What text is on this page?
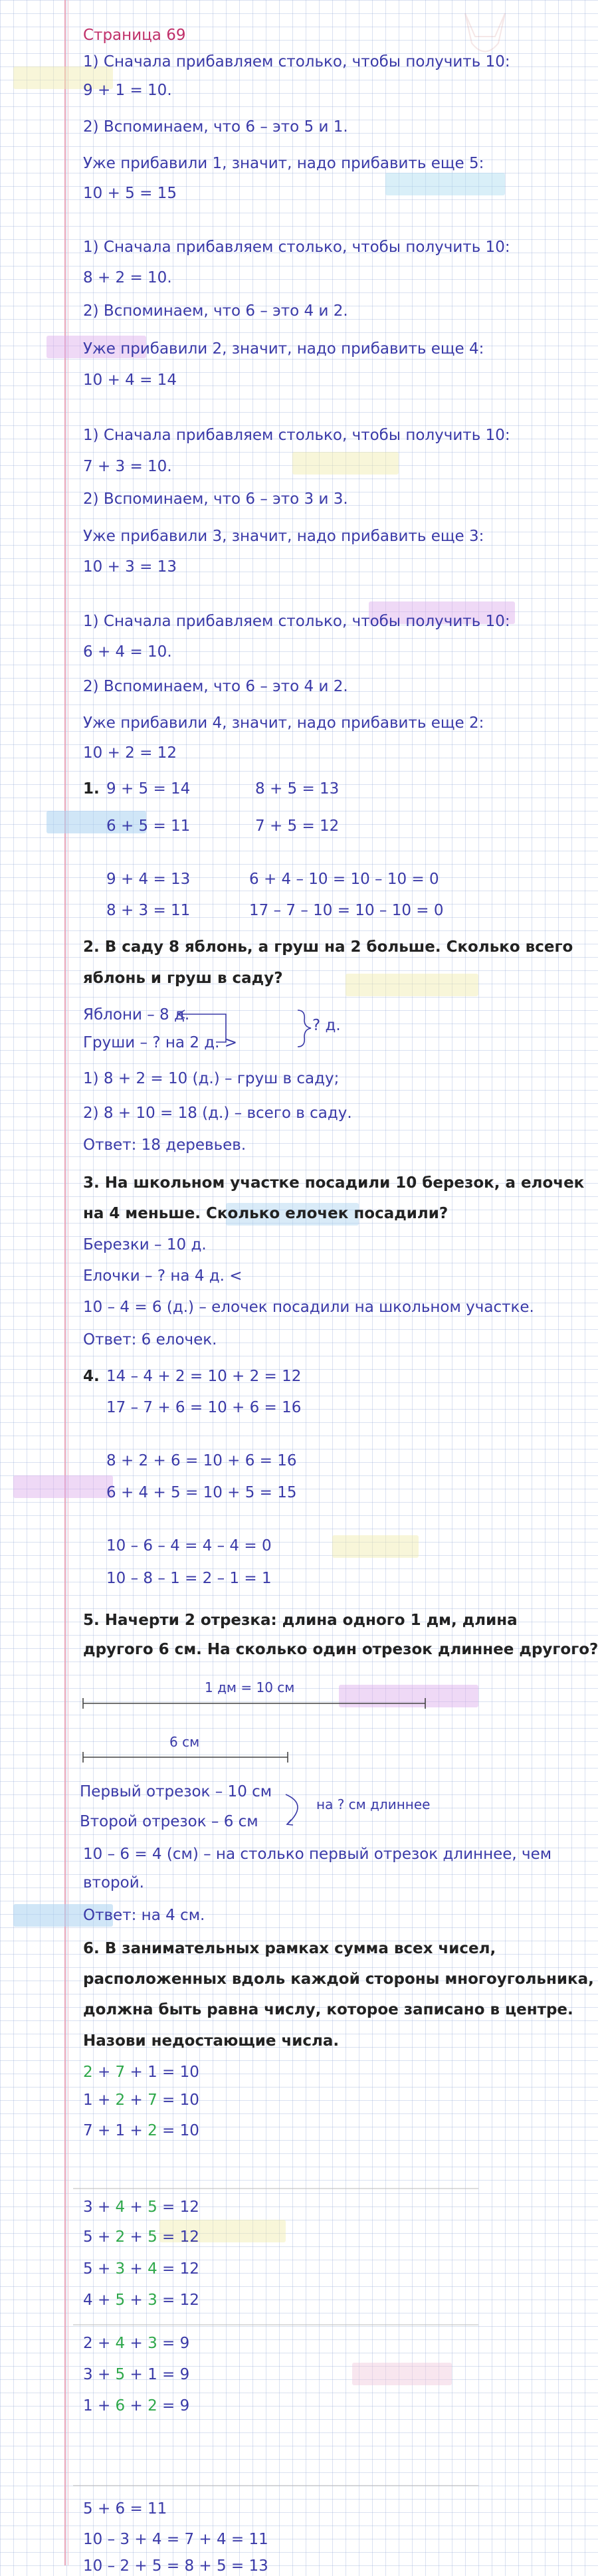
Страница 69
1) Сначала прибавляем столько, чтобы получить 10:
9 + 1 = 10.
2) Вспоминаем, что 6 – это 5 и 1.
Уже прибавили 1, значит, надо прибавить еще 5:
10 + 5 = 15
1) Сначала прибавляем столько, чтобы получить 10:
8 + 2 = 10.
2) Вспоминаем, что 6 – это 4 и 2.
Уже прибавили 2, значит, надо прибавить еще 4:
10 + 4 = 14
1) Сначала прибавляем столько, чтобы получить 10:
7 + 3 = 10.
2) Вспоминаем, что 6 – это 3 и 3.
Уже прибавили 3, значит, надо прибавить еще 3:
10 + 3 = 13
1) Сначала прибавляем столько, чтобы получить 10:
6 + 4 = 10.
2) Вспоминаем, что 6 – это 4 и 2.
Уже прибавили 4, значит, надо прибавить еще 2:
10 + 2 = 12
1. 9 + 5 = 14	8 + 5 = 13
6 + 5 = 11	7 + 5 = 12
9 + 4 = 13	6 + 4 – 10 = 10 – 10 = 0
8 + 3 = 11	17 – 7 – 10 = 10 – 10 = 0
2. В саду 8 яблонь, а груш на 2 больше. Сколько всего
яблонь и груш в саду?
Яблони – 8 д.
Груши – ? на 2 д. >
? д.
1) 8 + 2 = 10 (д.) – груш в саду;
2) 8 + 10 = 18 (д.) – всего в саду.
Ответ: 18 деревьев.
3. На школьном участке посадили 10 березок, а елочек
на 4 меньше. Сколько елочек посадили?
Березки – 10 д.
Елочки – ? на 4 д. <
10 – 4 = 6 (д.) – елочек посадили на школьном участке.
Ответ: 6 елочек.
4. 14 – 4 + 2 = 10 + 2 = 12
17 – 7 + 6 = 10 + 6 = 16
8 + 2 + 6 = 10 + 6 = 16
6 + 4 + 5 = 10 + 5 = 15
10 – 6 – 4 = 4 – 4 = 0
10 – 8 – 1 = 2 – 1 = 1
5. Начерти 2 отрезка: длина одного 1 дм, длина
другого 6 см. На сколько один отрезок длиннее другого?
1 дм = 10 см
6 см
Первый отрезок – 10 см
Второй отрезок – 6 см
на ? см длиннее
10 – 6 = 4 (см) – на столько первый отрезок длиннее, чем
второй.
Ответ: на 4 см.
6. В занимательных рамках сумма всех чисел,
расположенных вдоль каждой стороны многоугольника,
должна быть равна числу, которое записано в центре.
Назови недостающие числа.
2 + 7 + 1 = 10
1 + 2 + 7 = 10
7 + 1 + 2 = 10
3 + 4 + 5 = 12
5 + 2 + 5 = 12
5 + 3 + 4 = 12
4 + 5 + 3 = 12
2 + 4 + 3 = 9
3 + 5 + 1 = 9
1 + 6 + 2 = 9
5 + 6 = 11
10 – 3 + 4 = 7 + 4 = 11
10 – 2 + 5 = 8 + 5 = 13
